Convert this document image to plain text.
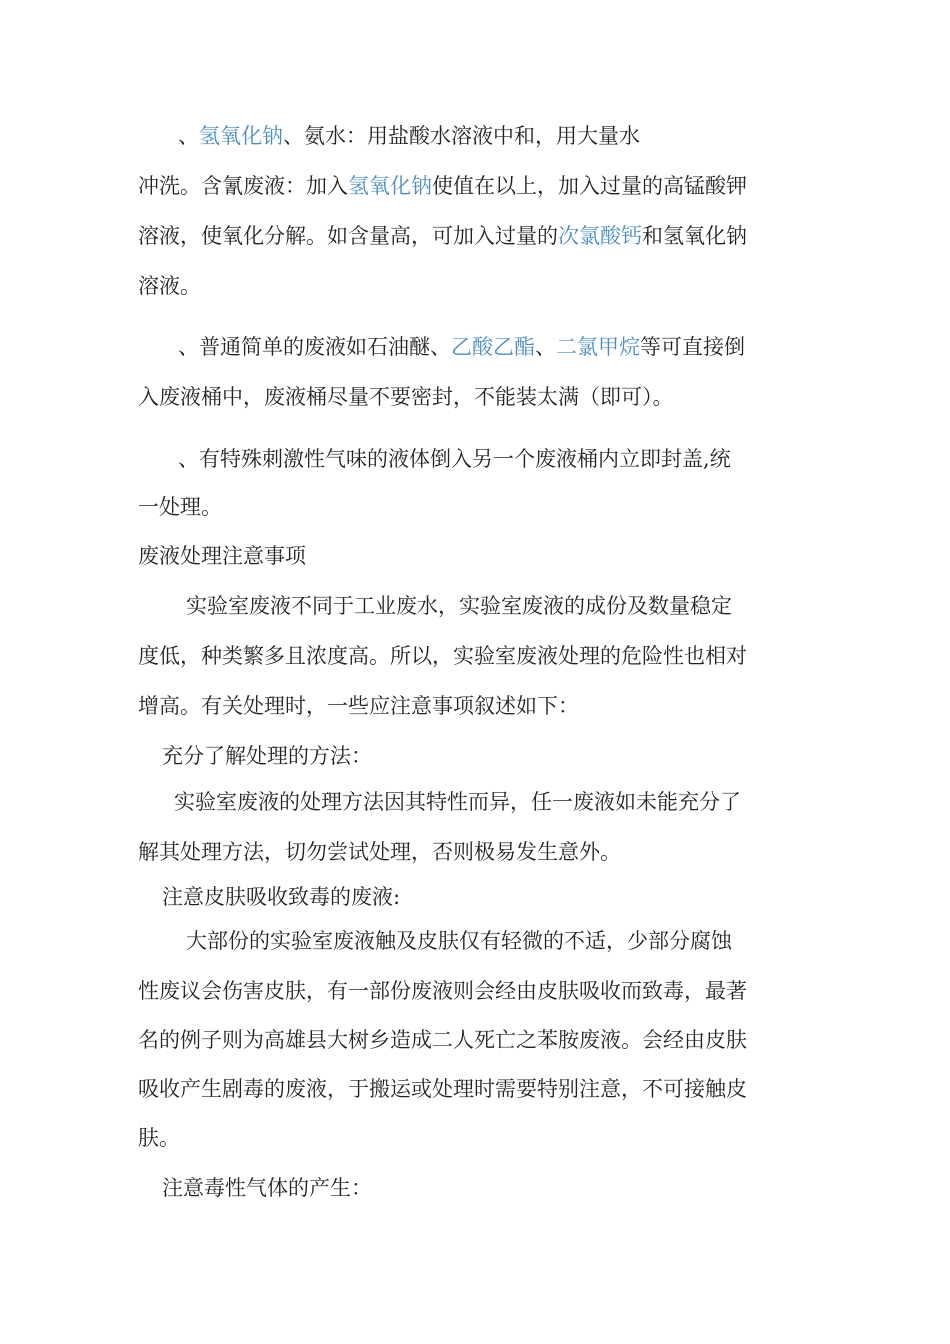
、氢氧化钠、氨水：用盐酸水溶液中和，用大量水
冲洗。含氰废液：加入氢氧化钠使值在以上，加入过量的高锰酸钾
溶液，使氧化分解。如含量高，可加入过量的次氯酸钙和氢氧化钠
溶液。
、普通简单的废液如石油醚、乙酸乙酯、二氯甲烷等可直接倒
入废液桶中，废液桶尽量不要密封，不能装太满（即可）。
、有特殊刺激性气味的液体倒入另一个废液桶内立即封盖,统
一处理。
废液处理注意事项
实验室废液不同于工业废水，实验室废液的成份及数量稳定
度低，种类繁多且浓度高。所以，实验室废液处理的危险性也相对
增高。有关处理时，一些应注意事项叙述如下：
充分了解处理的方法：
实验室废液的处理方法因其特性而异，任一废液如未能充分了
解其处理方法，切勿尝试处理，否则极易发生意外。
注意皮肤吸收致毒的废液:
大部份的实验室废液触及皮肤仅有轻微的不适，少部分腐蚀
性废议会伤害皮肤，有一部份废液则会经由皮肤吸收而致毒，最著
名的例子则为高雄县大树乡造成二人死亡之苯胺废液。会经由皮肤
吸收产生剧毒的废液，于搬运或处理时需要特别注意，不可接触皮
肤。
注意毒性气体的产生：
